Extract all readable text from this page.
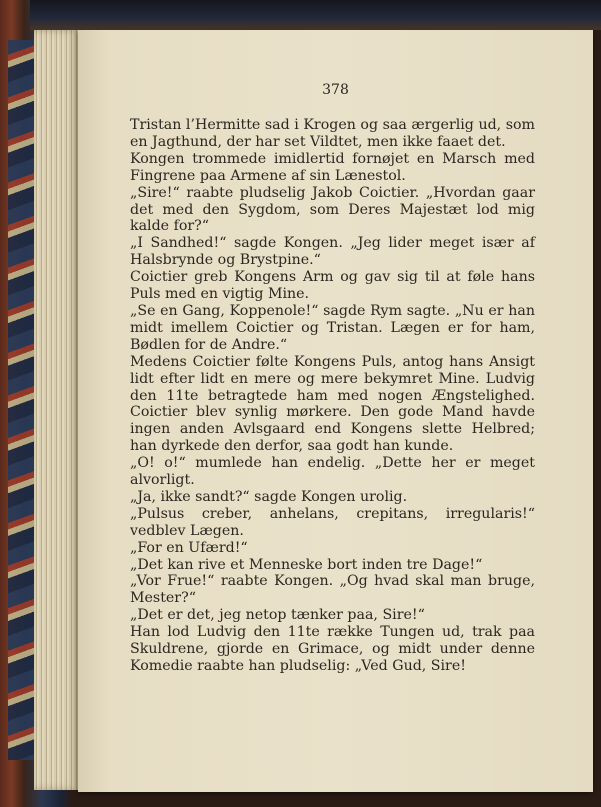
378

Tristan l’Hermitte sad i Krogen og saa ærgerlig ud, som en Jagthund, der har set Vildtet, men ikke faaet det.

Kongen trommede imidlertid fornøjet en Marsch med Fingrene paa Armene af sin Lænestol.

„Sire!“ raabte pludselig Jakob Coictier. „Hvordan gaar det med den Sygdom, som Deres Majestæt lod mig kalde for?“

„I Sandhed!“ sagde Kongen. „Jeg lider meget især af Halsbrynde og Brystpine.“

Coictier greb Kongens Arm og gav sig til at føle hans Puls med en vigtig Mine.

„Se en Gang, Koppenole!“ sagde Rym sagte. „Nu er han midt imellem Coictier og Tristan. Lægen er for ham, Bødlen for de Andre.“

Medens Coictier følte Kongens Puls, antog hans Ansigt lidt efter lidt en mere og mere bekymret Mine. Ludvig den 11te betragtede ham med nogen Ængstelighed. Coictier blev synlig mørkere. Den gode Mand havde ingen anden Avlsgaard end Kongens slette Helbred; han dyrkede den derfor, saa godt han kunde.

„O! o!“ mumlede han endelig. „Dette her er meget alvorligt.

„Ja, ikke sandt?“ sagde Kongen urolig.

„Pulsus creber, anhelans, crepitans, irregularis!“ vedblev Lægen.

„For en Ufærd!“

„Det kan rive et Menneske bort inden tre Dage!“

„Vor Frue!“ raabte Kongen. „Og hvad skal man bruge, Mester?“

„Det er det, jeg netop tænker paa, Sire!“

Han lod Ludvig den 11te række Tungen ud, trak paa Skuldrene, gjorde en Grimace, og midt under denne Komedie raabte han pludselig: „Ved Gud, Sire!
